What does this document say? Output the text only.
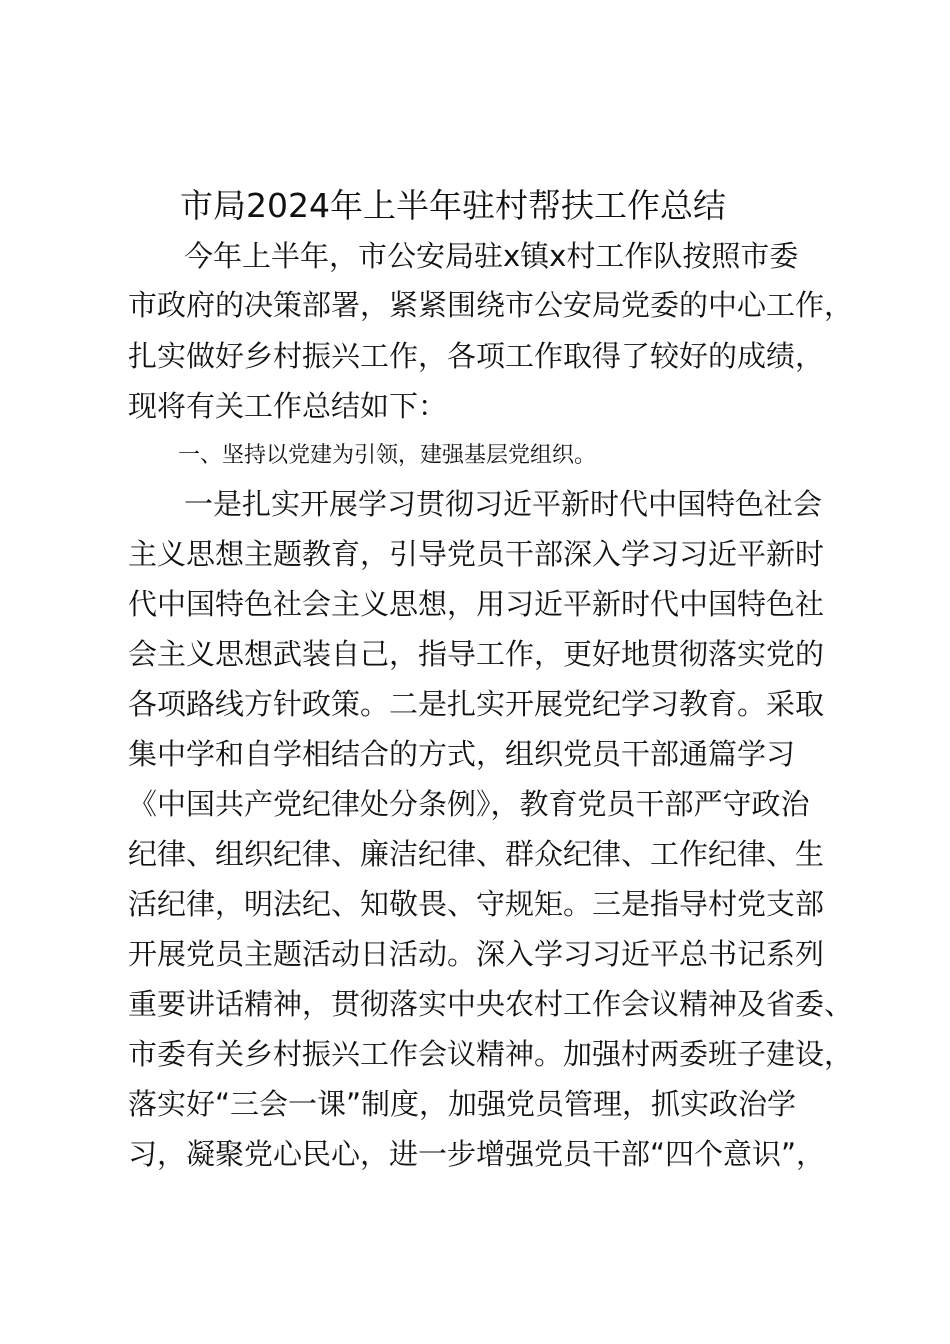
市局2024年上半年驻村帮扶工作总结
今年上半年，市公安局驻x镇x村工作队按照市委
市政府的决策部署，紧紧围绕市公安局党委的中心工作，
扎实做好乡村振兴工作，各项工作取得了较好的成绩，
现将有关工作总结如下：
一、坚持以党建为引领，建强基层党组织。
一是扎实开展学习贯彻习近平新时代中国特色社会
主义思想主题教育，引导党员干部深入学习习近平新时
代中国特色社会主义思想，用习近平新时代中国特色社
会主义思想武装自己，指导工作，更好地贯彻落实党的
各项路线方针政策。二是扎实开展党纪学习教育。采取
集中学和自学相结合的方式，组织党员干部通篇学习
《中国共产党纪律处分条例》，教育党员干部严守政治
纪律、组织纪律、廉洁纪律、群众纪律、工作纪律、生
活纪律，明法纪、知敬畏、守规矩。三是指导村党支部
开展党员主题活动日活动。深入学习习近平总书记系列
重要讲话精神，贯彻落实中央农村工作会议精神及省委、
市委有关乡村振兴工作会议精神。加强村两委班子建设，
落实好“三会一课”制度，加强党员管理，抓实政治学
习，凝聚党心民心，进一步增强党员干部“四个意识”，
